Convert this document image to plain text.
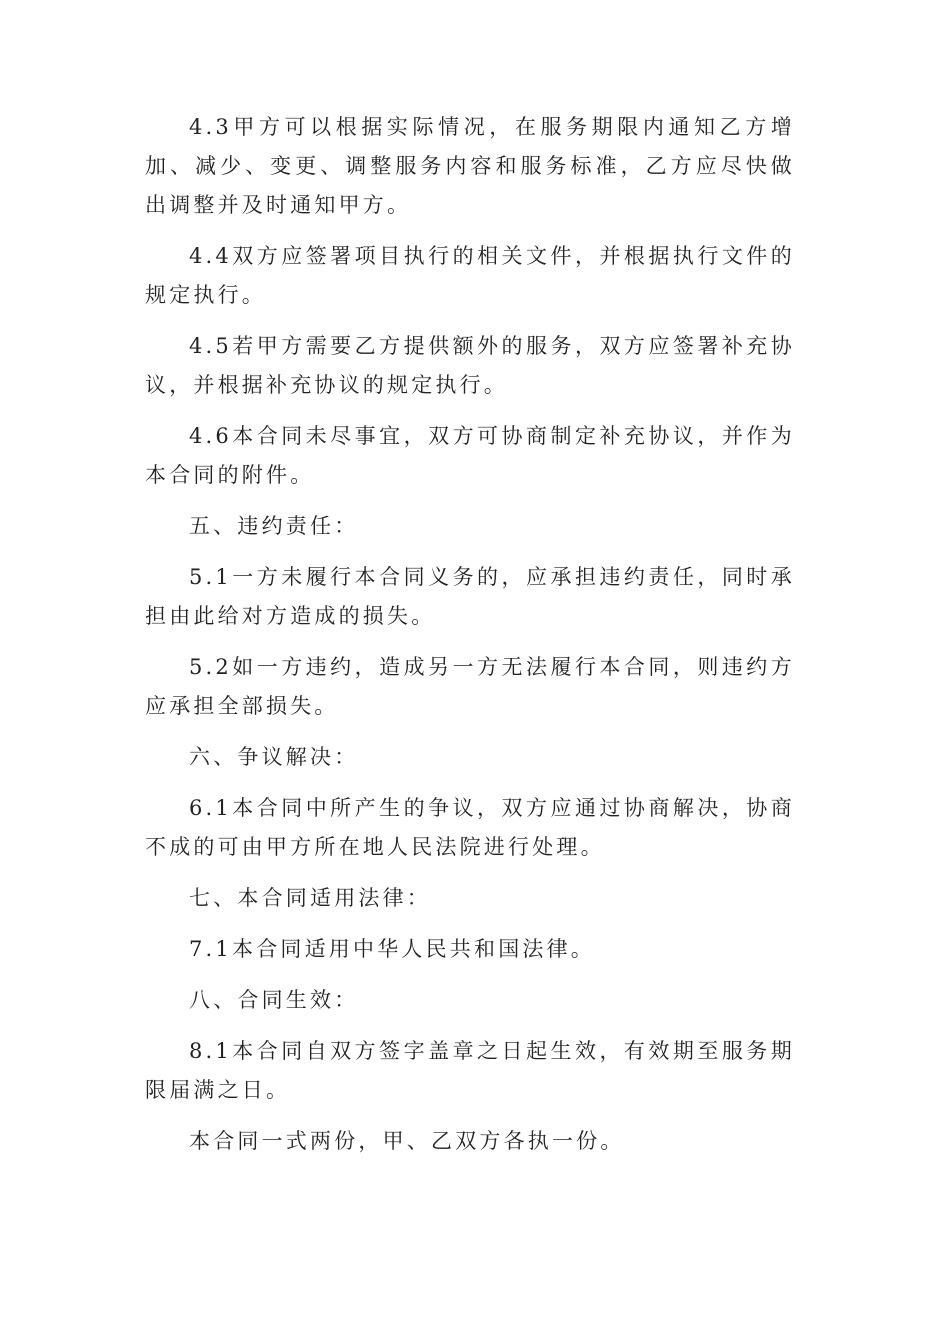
4.3甲方可以根据实际情况，在服务期限内通知乙方增加、减少、变更、调整服务内容和服务标准，乙方应尽快做出调整并及时通知甲方。

4.4双方应签署项目执行的相关文件，并根据执行文件的规定执行。

4.5若甲方需要乙方提供额外的服务，双方应签署补充协议，并根据补充协议的规定执行。

4.6本合同未尽事宜，双方可协商制定补充协议，并作为本合同的附件。

五、违约责任：

5.1一方未履行本合同义务的，应承担违约责任，同时承担由此给对方造成的损失。

5.2如一方违约，造成另一方无法履行本合同，则违约方应承担全部损失。

六、争议解决：

6.1本合同中所产生的争议，双方应通过协商解决，协商不成的可由甲方所在地人民法院进行处理。

七、本合同适用法律：

7.1本合同适用中华人民共和国法律。

八、合同生效：

8.1本合同自双方签字盖章之日起生效，有效期至服务期限届满之日。

本合同一式两份，甲、乙双方各执一份。
